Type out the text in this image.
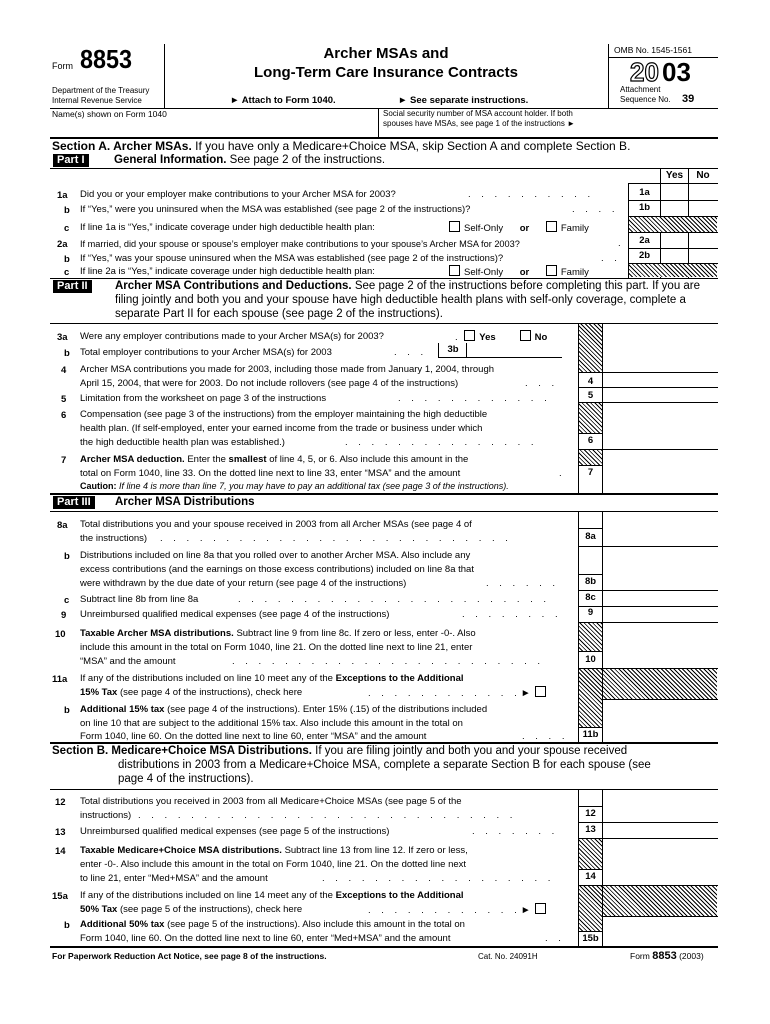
Form 8853
Department of the Treasury
Internal Revenue Service
Archer MSAs and
Long-Term Care Insurance Contracts
► Attach to Form 1040.	► See separate instructions.
OMB No. 1545-1561
20 03
Attachment
Sequence No. 39
Name(s) shown on Form 1040	Social security number of MSA account holder. If both spouses have MSAs, see page 1 of the instructions ►
Section A. Archer MSAs. If you have only a Medicare+Choice MSA, skip Section A and complete Section B.
Part I	General Information. See page 2 of the instructions.
Yes	No
1a Did you or your employer make contributions to your Archer MSA for 2003?	. . . . . . . . . .	1a
b If “Yes,” were you uninsured when the MSA was established (see page 2 of the instructions)?	. . . .	1b
c If line 1a is “Yes,” indicate coverage under high deductible health plan:	Self-Only or	Family
2a If married, did your spouse or spouse’s employer make contributions to your spouse’s Archer MSA for 2003?	.	2a
b If “Yes,” was your spouse uninsured when the MSA was established (see page 2 of the instructions)?	. .	2b
c If line 2a is “Yes,” indicate coverage under high deductible health plan:	Self-Only or	Family
Part II	Archer MSA Contributions and Deductions. See page 2 of the instructions before completing this part. If you are filing jointly and both you and your spouse have high deductible health plans with self-only coverage, complete a separate Part II for each spouse (see page 2 of the instructions).
3a Were any employer contributions made to your Archer MSA(s) for 2003?	. Yes	No
b Total employer contributions to your Archer MSA(s) for 2003	. . .	3b
4 Archer MSA contributions you made for 2003, including those made from January 1, 2004, through
April 15, 2004, that were for 2003. Do not include rollovers (see page 4 of the instructions)	. . .	4
5 Limitation from the worksheet on page 3 of the instructions	. . . . . . . . . . . .	5
6 Compensation (see page 3 of the instructions) from the employer maintaining the high deductible
health plan. (If self-employed, enter your earned income from the trade or business under which
the high deductible health plan was established.)	. . . . . . . . . . . . . . .	6
7 Archer MSA deduction. Enter the smallest of line 4, 5, or 6. Also include this amount in the
total on Form 1040, line 33. On the dotted line next to line 33, enter “MSA” and the amount	.	7
Caution: If line 4 is more than line 7, you may have to pay an additional tax (see page 3 of the instructions).
Part III	Archer MSA Distributions
8a Total distributions you and your spouse received in 2003 from all Archer MSAs (see page 4 of
the instructions) . . . . . . . . . . . . . . . . . . . . . . . . . . .	8a
b Distributions included on line 8a that you rolled over to another Archer MSA. Also include any
excess contributions (and the earnings on those excess contributions) included on line 8a that
were withdrawn by the due date of your return (see page 4 of the instructions)	. . . . . .	8b
c Subtract line 8b from line 8a	. . . . . . . . . . . . . . . . . . . . . . . .	8c
9 Unreimbursed qualified medical expenses (see page 4 of the instructions)	. . . . . . . .	9
10 Taxable Archer MSA distributions. Subtract line 9 from line 8c. If zero or less, enter -0-. Also
include this amount in the total on Form 1040, line 21. On the dotted line next to line 21, enter
“MSA” and the amount	. . . . . . . . . . . . . . . . . . . . . . . .	10
11a If any of the distributions included on line 10 meet any of the Exceptions to the Additional
15% Tax (see page 4 of the instructions), check here	. . . . . . . . . . . .►
b Additional 15% tax (see page 4 of the instructions). Enter 15% (.15) of the distributions included
on line 10 that are subject to the additional 15% tax. Also include this amount in the total on
Form 1040, line 60. On the dotted line next to line 60, enter “MSA” and the amount	. . . .	11b
Section B. Medicare+Choice MSA Distributions. If you are filing jointly and both you and your spouse received
distributions in 2003 from a Medicare+Choice MSA, complete a separate Section B for each spouse (see
page 4 of the instructions).
12 Total distributions you received in 2003 from all Medicare+Choice MSAs (see page 5 of the
instructions) . . . . . . . . . . . . . . . . . . . . . . . . . . . . .	12
13 Unreimbursed qualified medical expenses (see page 5 of the instructions)	. . . . . . .	13
14 Taxable Medicare+Choice MSA distributions. Subtract line 13 from line 12. If zero or less,
enter -0-. Also include this amount in the total on Form 1040, line 21. On the dotted line next
to line 21, enter “Med+MSA” and the amount	. . . . . . . . . . . . . . . . . .	14
15a If any of the distributions included on line 14 meet any of the Exceptions to the Additional
50% Tax (see page 5 of the instructions), check here	. . . . . . . . . . . .►
b Additional 50% tax (see page 5 of the instructions). Also include this amount in the total on
Form 1040, line 60. On the dotted line next to line 60, enter “Med+MSA” and the amount	. .	15b
For Paperwork Reduction Act Notice, see page 8 of the instructions.	Cat. No. 24091H	Form 8853 (2003)
